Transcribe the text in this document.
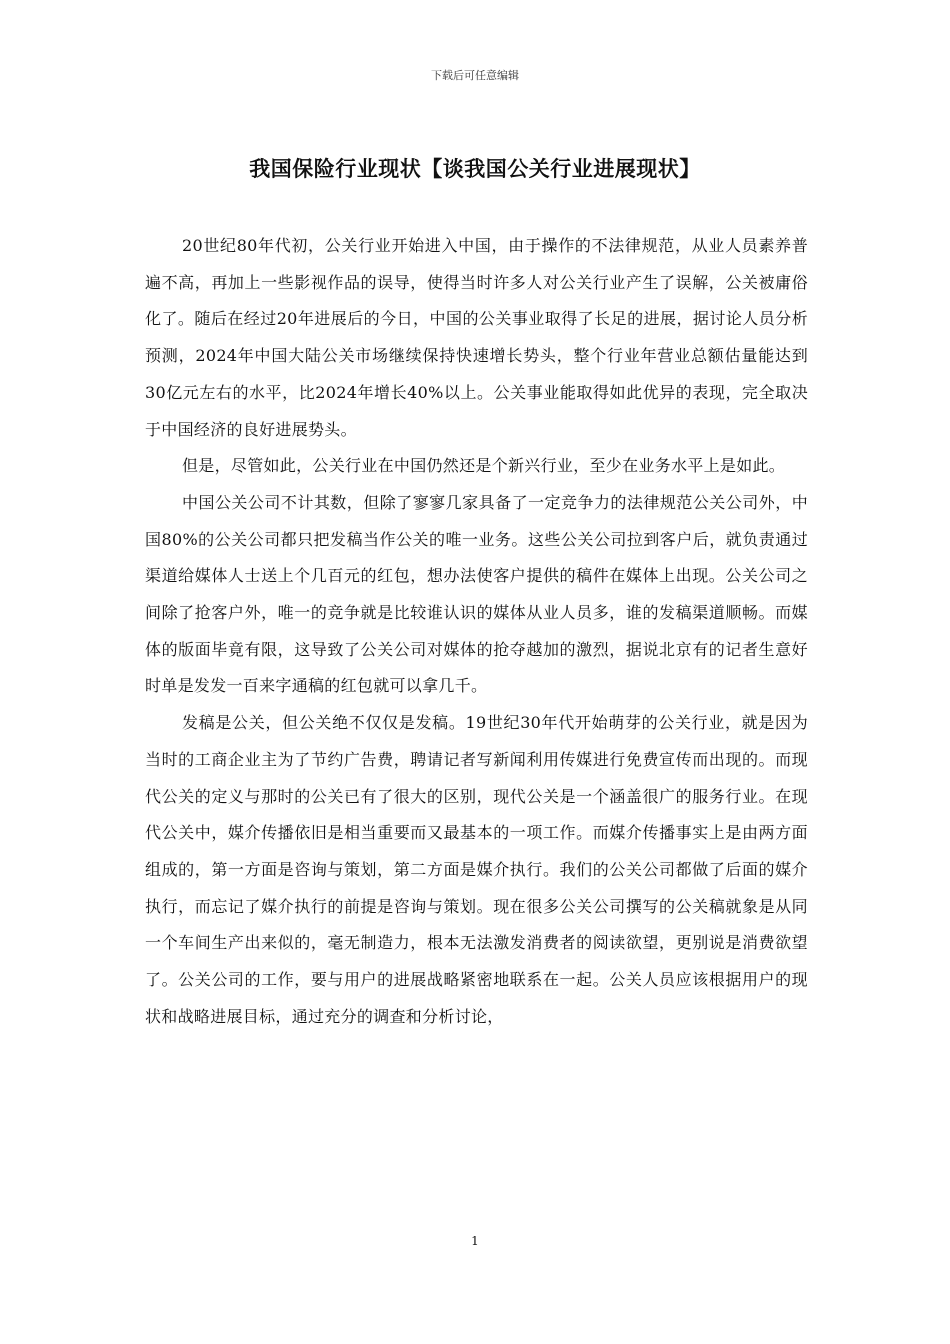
下载后可任意编辑

我国保险行业现状【谈我国公关行业进展现状】

20世纪80年代初，公关行业开始进入中国，由于操作的不法律规范，从业人员素养普遍不高，再加上一些影视作品的误导，使得当时许多人对公关行业产生了误解，公关被庸俗化了。随后在经过20年进展后的今日，中国的公关事业取得了长足的进展，据讨论人员分析预测，2024年中国大陆公关市场继续保持快速增长势头，整个行业年营业总额估量能达到30亿元左右的水平，比2024年增长40%以上。公关事业能取得如此优异的表现，完全取决于中国经济的良好进展势头。

但是，尽管如此，公关行业在中国仍然还是个新兴行业，至少在业务水平上是如此。

中国公关公司不计其数，但除了寥寥几家具备了一定竞争力的法律规范公关公司外，中国80%的公关公司都只把发稿当作公关的唯一业务。这些公关公司拉到客户后，就负责通过渠道给媒体人士送上个几百元的红包，想办法使客户提供的稿件在媒体上出现。公关公司之间除了抢客户外，唯一的竞争就是比较谁认识的媒体从业人员多，谁的发稿渠道顺畅。而媒体的版面毕竟有限，这导致了公关公司对媒体的抢夺越加的激烈，据说北京有的记者生意好时单是发发一百来字通稿的红包就可以拿几千。

发稿是公关，但公关绝不仅仅是发稿。19世纪30年代开始萌芽的公关行业，就是因为当时的工商企业主为了节约广告费，聘请记者写新闻利用传媒进行免费宣传而出现的。而现代公关的定义与那时的公关已有了很大的区别，现代公关是一个涵盖很广的服务行业。在现代公关中，媒介传播依旧是相当重要而又最基本的一项工作。而媒介传播事实上是由两方面组成的，第一方面是咨询与策划，第二方面是媒介执行。我们的公关公司都做了后面的媒介执行，而忘记了媒介执行的前提是咨询与策划。现在很多公关公司撰写的公关稿就象是从同一个车间生产出来似的，毫无制造力，根本无法激发消费者的阅读欲望，更别说是消费欲望了。公关公司的工作，要与用户的进展战略紧密地联系在一起。公关人员应该根据用户的现状和战略进展目标，通过充分的调查和分析讨论，

1
